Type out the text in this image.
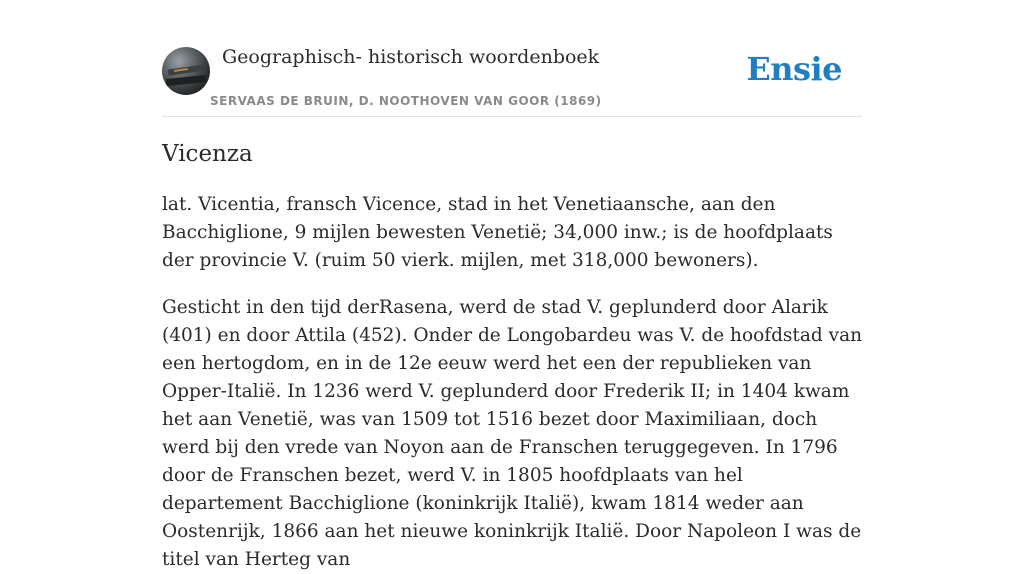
Geographisch- historisch woordenboek
SERVAAS DE BRUIN, D. NOOTHOVEN VAN GOOR (1869)
Ensie
Vicenza

lat. Vicentia, fransch Vicence, stad in het Venetiaansche, aan den Bacchiglione, 9 mijlen bewesten Venetië; 34,000 inw.; is de hoofdplaats der provincie V. (ruim 50 vierk. mijlen, met 318,000 bewoners).

Gesticht in den tijd derRasena, werd de stad V. geplunderd door Alarik (401) en door Attila (452). Onder de Longobardeu was V. de hoofdstad van een hertogdom, en in de 12e eeuw werd het een der republieken van Opper-Italië. In 1236 werd V. geplunderd door Frederik II; in 1404 kwam het aan Venetië, was van 1509 tot 1516 bezet door Maximiliaan, doch werd bij den vrede van Noyon aan de Franschen teruggegeven. In 1796 door de Franschen bezet, werd V. in 1805 hoofdplaats van hel departement Bacchiglione (koninkrijk Italië), kwam 1814 weder aan Oostenrijk, 1866 aan het nieuwe koninkrijk Italië. Door Napoleon I was de titel van Herteg van
